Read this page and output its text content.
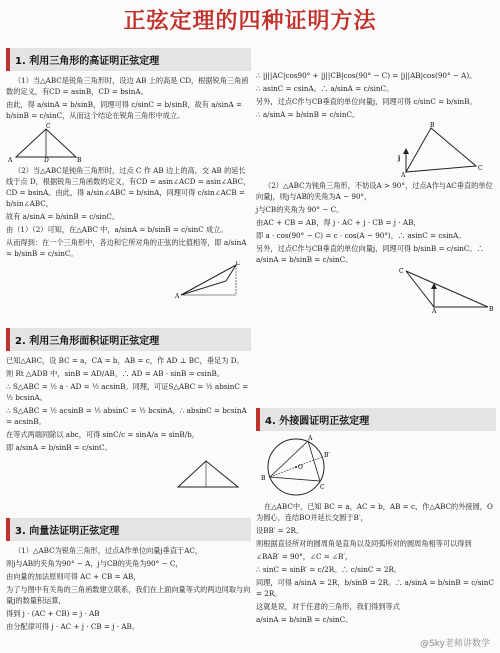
正弦定理的四种证明方法
1. 利用三角形的高证明正弦定理
（1）当△ABC是锐角三角形时，设边 AB 上的高是 CD，根据锐角三角函数的定义，有CD = asinB，CD = bsinA。
由此，得 a/sinA = b/sinB，同理可得 c/sinC = b/sinB，故有 a/sinA = b/sinB = c/sinC，从而这个结论在锐角三角形中成立。
A
C
D	B
（2）当△ABC是钝角三角形时，过点 C 作 AB 边上的高，交 AB 的延长线于点 D，根据锐角三角函数的定义，有CD = asin∠ACD = asin∠ABC，CD = bsinA。由此，得 a/sin∠ABC = b/sinA，同理可得 c/sin∠ACB = b/sin∠ABC，
故有 a/sinA = b/sinB = c/sinC。
由（1）（2）可知，在△ABC 中，a/sinA = b/sinB = c/sinC 成立。
从而得到：在一个三角形中，各边和它所对角的正弦的比值相等，即 a/sinA = b/sinB = c/sinC。
A
C
2. 利用三角形面积证明正弦定理
已知△ABC，设 BC = a，CA = b，AB = c，作 AD ⊥ BC，垂足为 D。
则 Rt △ADB 中，sinB = AD/AB，∴ AD = AB · sinB = csinB。
∴ S△ABC = ½ a · AD = ½ acsinB。同理，可证S△ABC = ½ absinC = ½ bcsinA。
∴ S△ABC = ½ acsinB = ½ absinC = ½ bcsinA，∴ absinC = bcsinA = acsinB。
在等式两端同除以 abc，可得 sinC/c = sinA/a = sinB/b，
即 a/sinA = b/sinB = c/sinC。
3. 向量法证明正弦定理
（1）△ABC为锐角三角形，过点A作单位向量j垂直于AC，
则j与AB的夹角为90° − A，j与CB的夹角为90° − C，
由向量的加法原则可得 AC + CB = AB，
为了与图中有关角的三角函数建立联系，我们在上面向量等式的两边同取与向量j的数量积运算，
得到 j · (AC + CB) = j · AB
由分配律可得 j · AC + j · CB = j · AB。
∴ |j||AC|cos90° + |j||CB|cos(90° − C) = |j||AB|cos(90° − A)。
∴ asinC = csinA。∴ a/sinA = c/sinC。
另外，过点C作与CB垂直的单位向量j，同理可得 c/sinC = b/sinB。
∴ a/sinA = b/sinB = c/sinC。
j
A
B
C
（2）△ABC为钝角三角形，不妨设A > 90°，过点A作与AC垂直的单位向量j，则j与AB的夹角为A − 90°，
j与CB的夹角为 90° − C。
由AC + CB = AB，得 j · AC + j · CB = j · AB，
即 a · cos(90° − C) = c · cos(A − 90°)，∴ asinC = csinA。
另外，过点C作与CB垂直的单位向量j，同理可得 b/sinB = c/sinC。∴ a/sinA = b/sinB = c/sinC。
C
A	B
4. 外接圆证明正弦定理
O
B
A
C
B′
在△ABC中，已知 BC = a，AC = b，AB = c，作△ABC的外接圆，O为圆心，连结BO并延长交圆于B′，
设BB′ = 2R。
则根据直径所对的圆周角是直角以及同弧所对的圆周角相等可以得到
∠BAB′ = 90°，∠C = ∠B′，
∴ sinC = sinB′ = c/2R。∴ c/sinC = 2R。
同理，可得 a/sinA = 2R，b/sinB = 2R。∴ a/sinA = b/sinB = c/sinC = 2R。
这就是说，对于任意的三角形，我们得到等式
a/sinA = b/sinB = c/sinC。
@Sky老师讲数学
